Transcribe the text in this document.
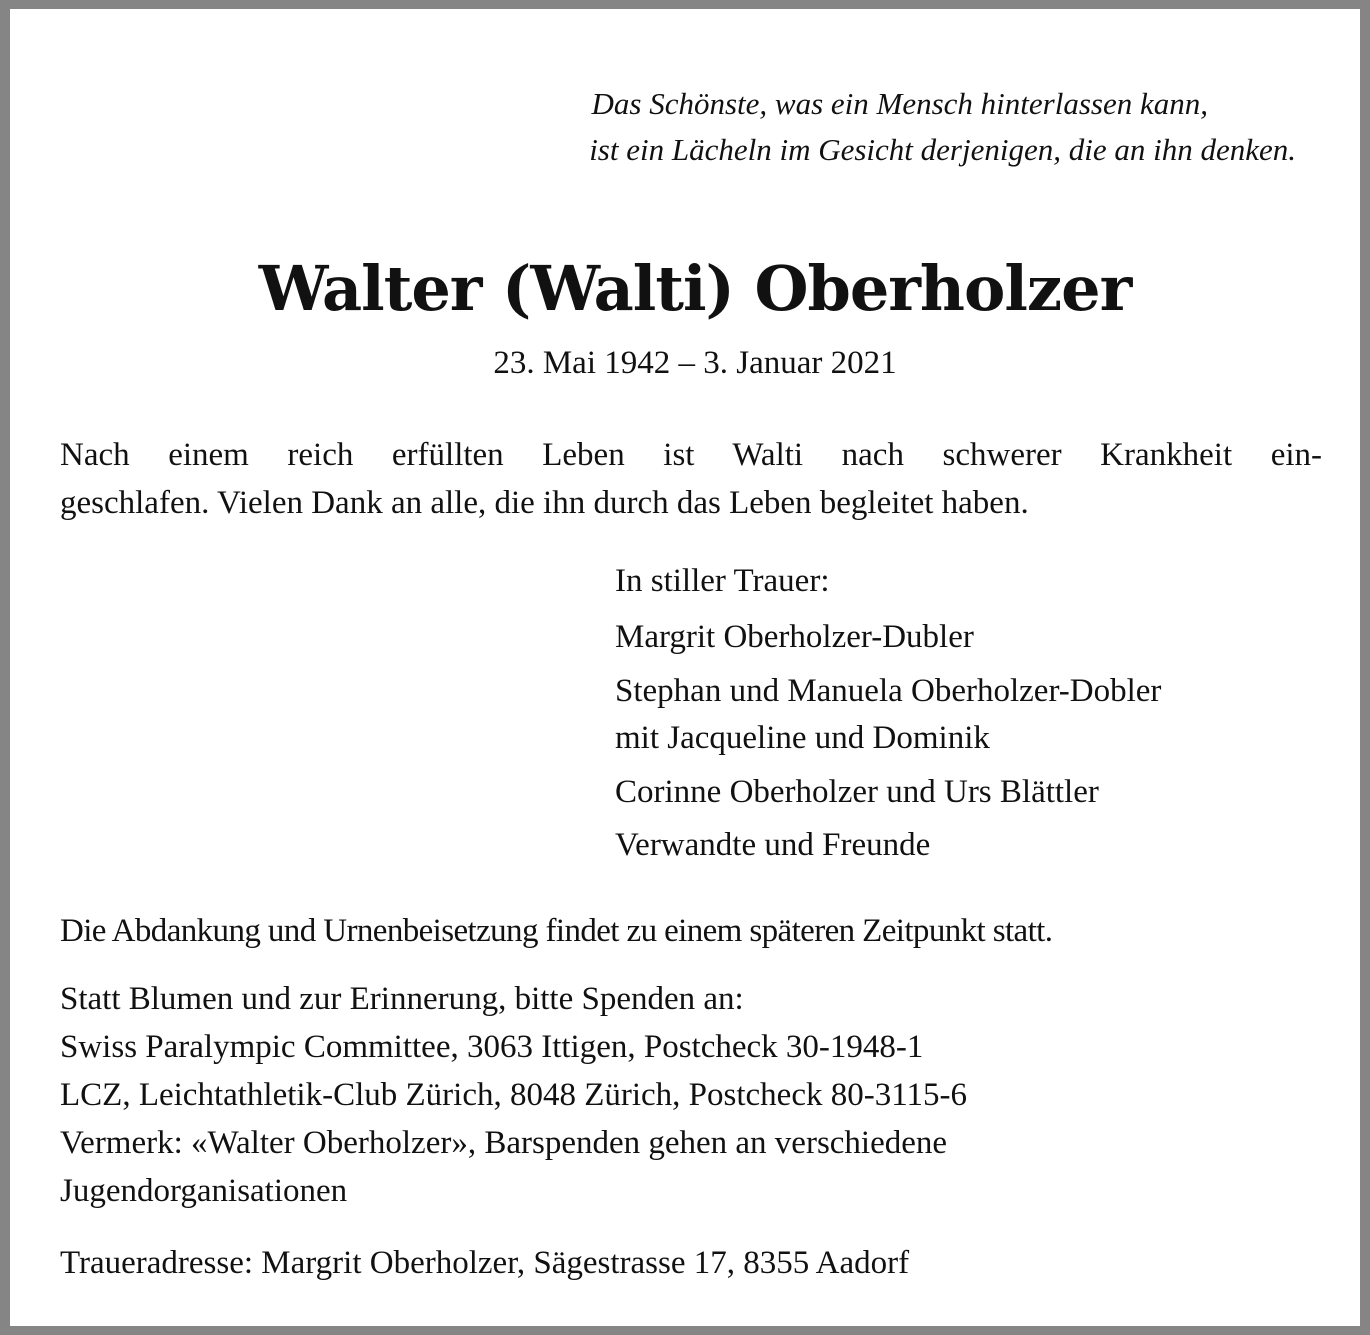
Das Schönste, was ein Mensch hinterlassen kann,
ist ein Lächeln im Gesicht derjenigen, die an ihn denken.
Walter (Walti) Oberholzer
23. Mai 1942 – 3. Januar 2021
Nach einem reich erfüllten Leben ist Walti nach schwerer Krankheit ein-
geschlafen. Vielen Dank an alle, die ihn durch das Leben begleitet haben.
In stiller Trauer:
Margrit Oberholzer-Dubler
Stephan und Manuela Oberholzer-Dobler
mit Jacqueline und Dominik
Corinne Oberholzer und Urs Blättler
Verwandte und Freunde
Die Abdankung und Urnenbeisetzung findet zu einem späteren Zeitpunkt statt.
Statt Blumen und zur Erinnerung, bitte Spenden an:
Swiss Paralympic Committee, 3063 Ittigen, Postcheck 30-1948-1
LCZ, Leichtathletik-Club Zürich, 8048 Zürich, Postcheck 80-3115-6
Vermerk: «Walter Oberholzer», Barspenden gehen an verschiedene
Jugendorganisationen
Traueradresse: Margrit Oberholzer, Sägestrasse 17, 8355 Aadorf
